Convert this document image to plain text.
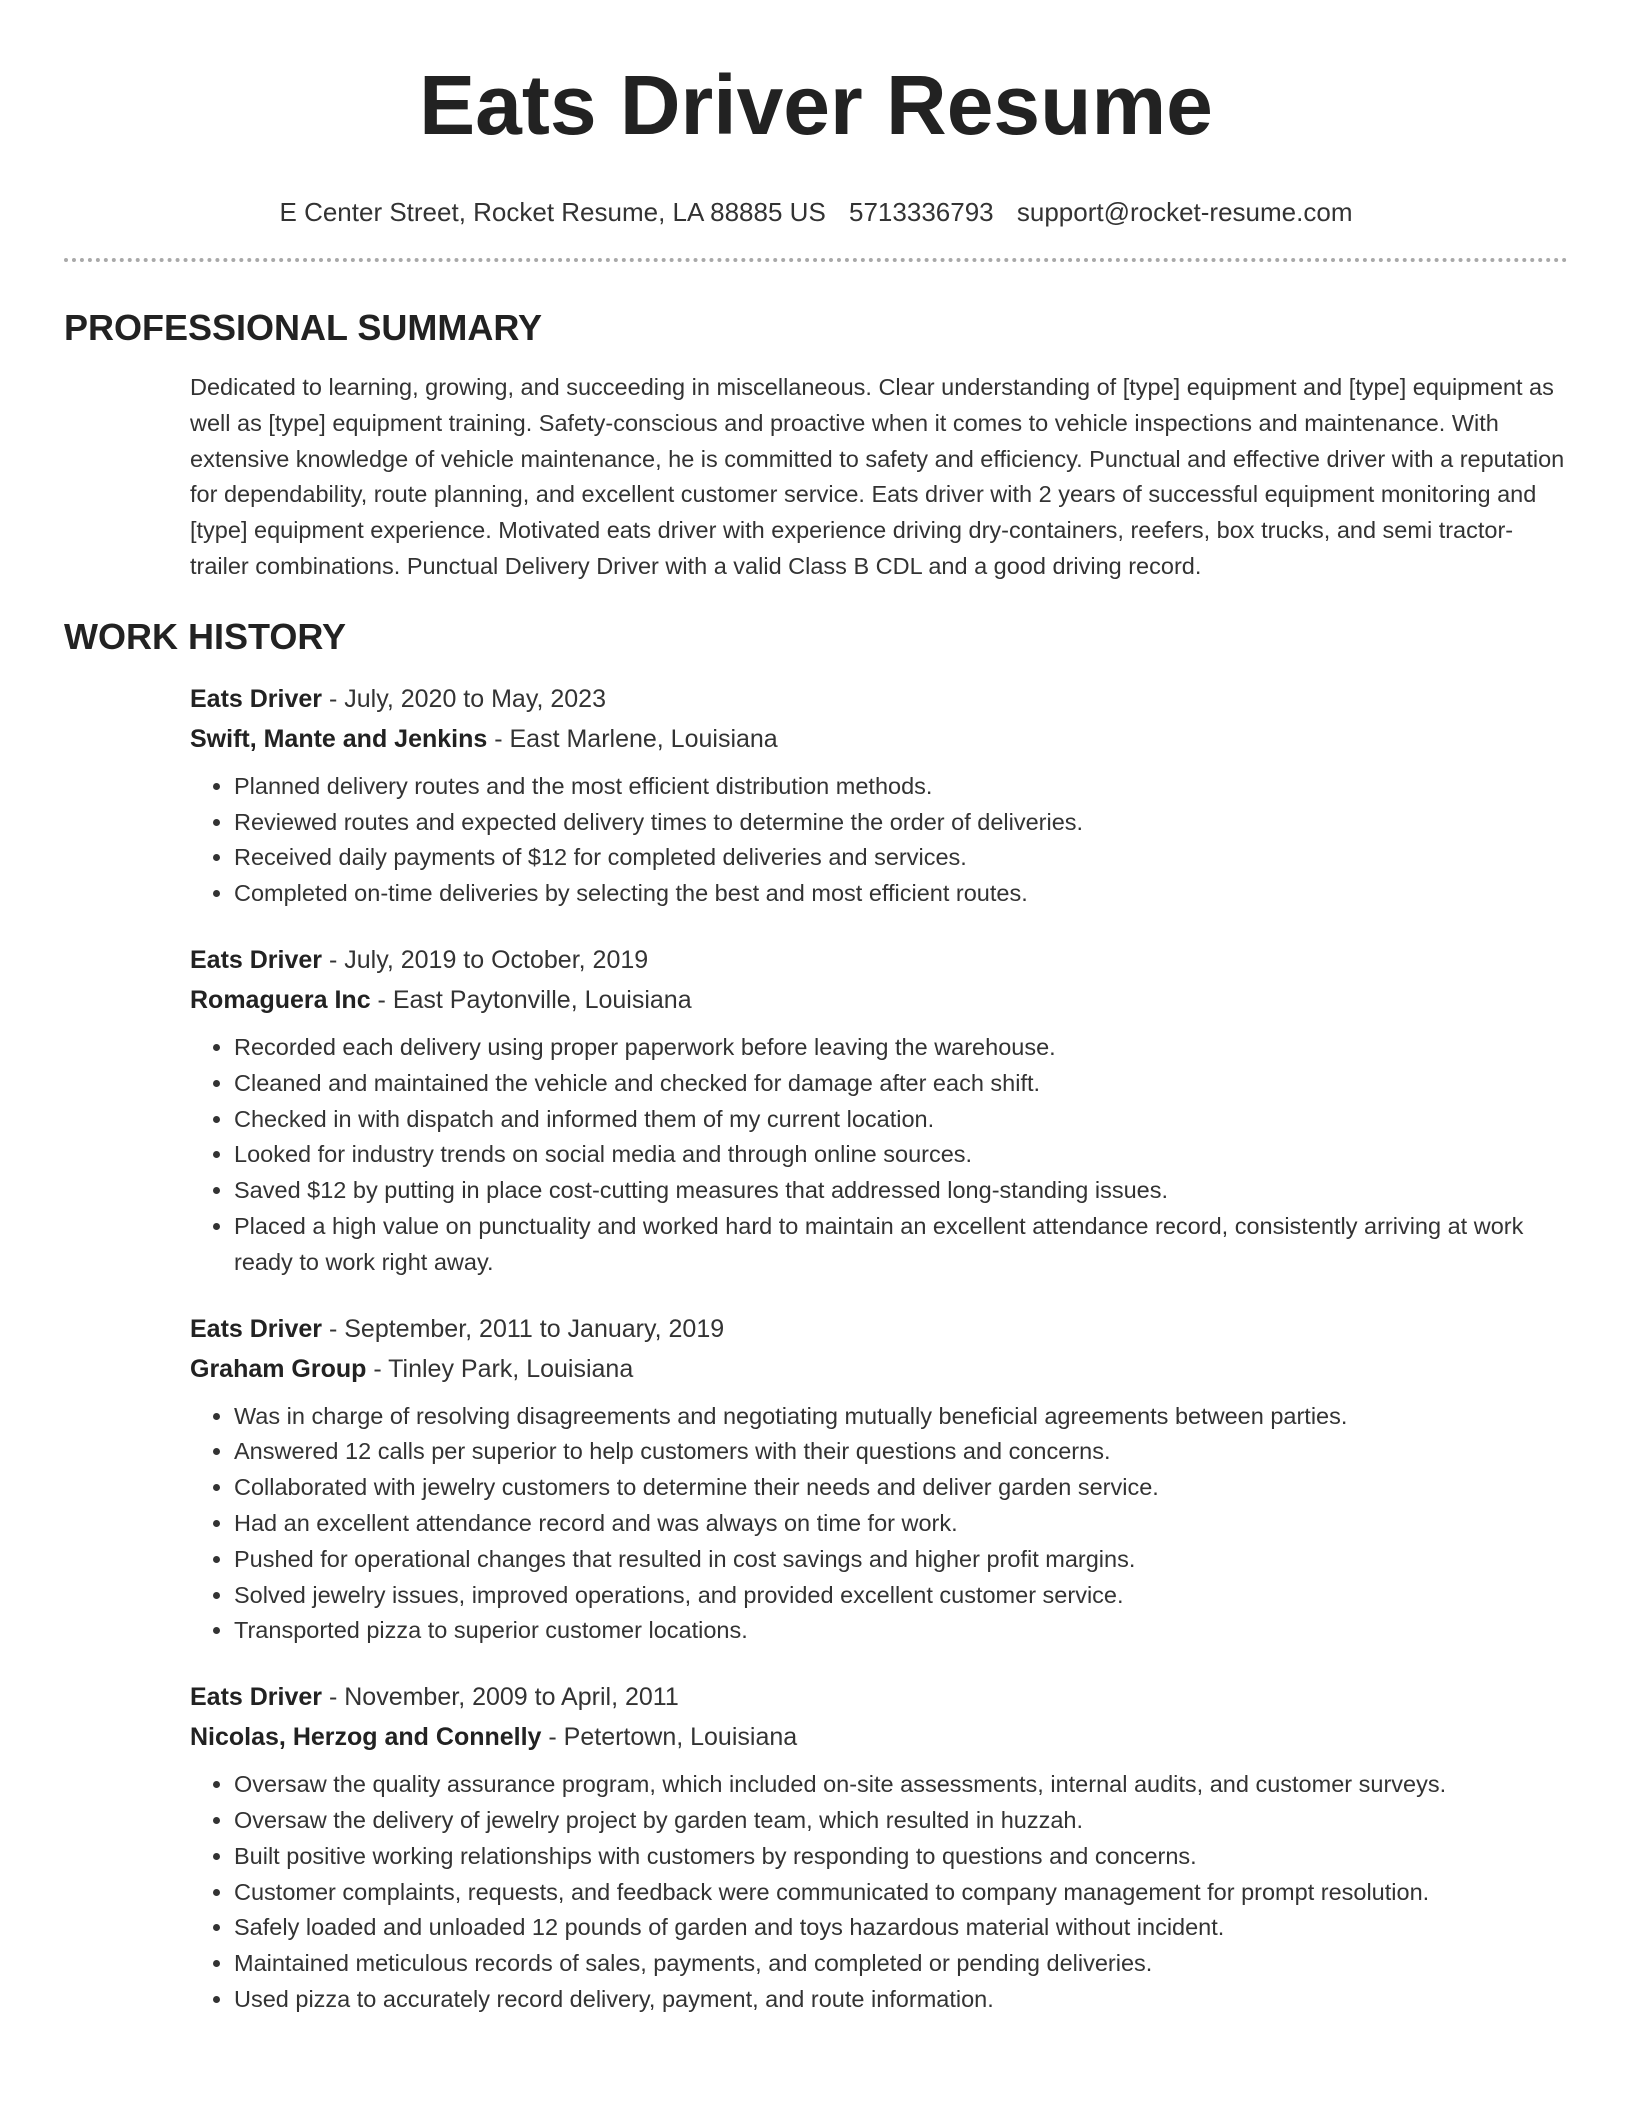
Eats Driver Resume
E Center Street, Rocket Resume, LA 88885 US 5713336793 support@rocket-resume.com
PROFESSIONAL SUMMARY

Dedicated to learning, growing, and succeeding in miscellaneous. Clear understanding of [type] equipment and [type] equipment as well as [type] equipment training. Safety-conscious and proactive when it comes to vehicle inspections and maintenance. With extensive knowledge of vehicle maintenance, he is committed to safety and efficiency. Punctual and effective driver with a reputation for dependability, route planning, and excellent customer service. Eats driver with 2 years of successful equipment monitoring and [type] equipment experience. Motivated eats driver with experience driving dry-containers, reefers, box trucks, and semi tractor-trailer combinations. Punctual Delivery Driver with a valid Class B CDL and a good driving record.

WORK HISTORY
Eats Driver - July, 2020 to May, 2023
Swift, Mante and Jenkins - East Marlene, Louisiana
• Planned delivery routes and the most efficient distribution methods.
• Reviewed routes and expected delivery times to determine the order of deliveries.
• Received daily payments of $12 for completed deliveries and services.
• Completed on-time deliveries by selecting the best and most efficient routes.
Eats Driver - July, 2019 to October, 2019
Romaguera Inc - East Paytonville, Louisiana
• Recorded each delivery using proper paperwork before leaving the warehouse.
• Cleaned and maintained the vehicle and checked for damage after each shift.
• Checked in with dispatch and informed them of my current location.
• Looked for industry trends on social media and through online sources.
• Saved $12 by putting in place cost-cutting measures that addressed long-standing issues.
• Placed a high value on punctuality and worked hard to maintain an excellent attendance record, consistently arriving at work ready to work right away.
Eats Driver - September, 2011 to January, 2019
Graham Group - Tinley Park, Louisiana
• Was in charge of resolving disagreements and negotiating mutually beneficial agreements between parties.
• Answered 12 calls per superior to help customers with their questions and concerns.
• Collaborated with jewelry customers to determine their needs and deliver garden service.
• Had an excellent attendance record and was always on time for work.
• Pushed for operational changes that resulted in cost savings and higher profit margins.
• Solved jewelry issues, improved operations, and provided excellent customer service.
• Transported pizza to superior customer locations.
Eats Driver - November, 2009 to April, 2011
Nicolas, Herzog and Connelly - Petertown, Louisiana
• Oversaw the quality assurance program, which included on-site assessments, internal audits, and customer surveys.
• Oversaw the delivery of jewelry project by garden team, which resulted in huzzah.
• Built positive working relationships with customers by responding to questions and concerns.
• Customer complaints, requests, and feedback were communicated to company management for prompt resolution.
• Safely loaded and unloaded 12 pounds of garden and toys hazardous material without incident.
• Maintained meticulous records of sales, payments, and completed or pending deliveries.
• Used pizza to accurately record delivery, payment, and route information.
